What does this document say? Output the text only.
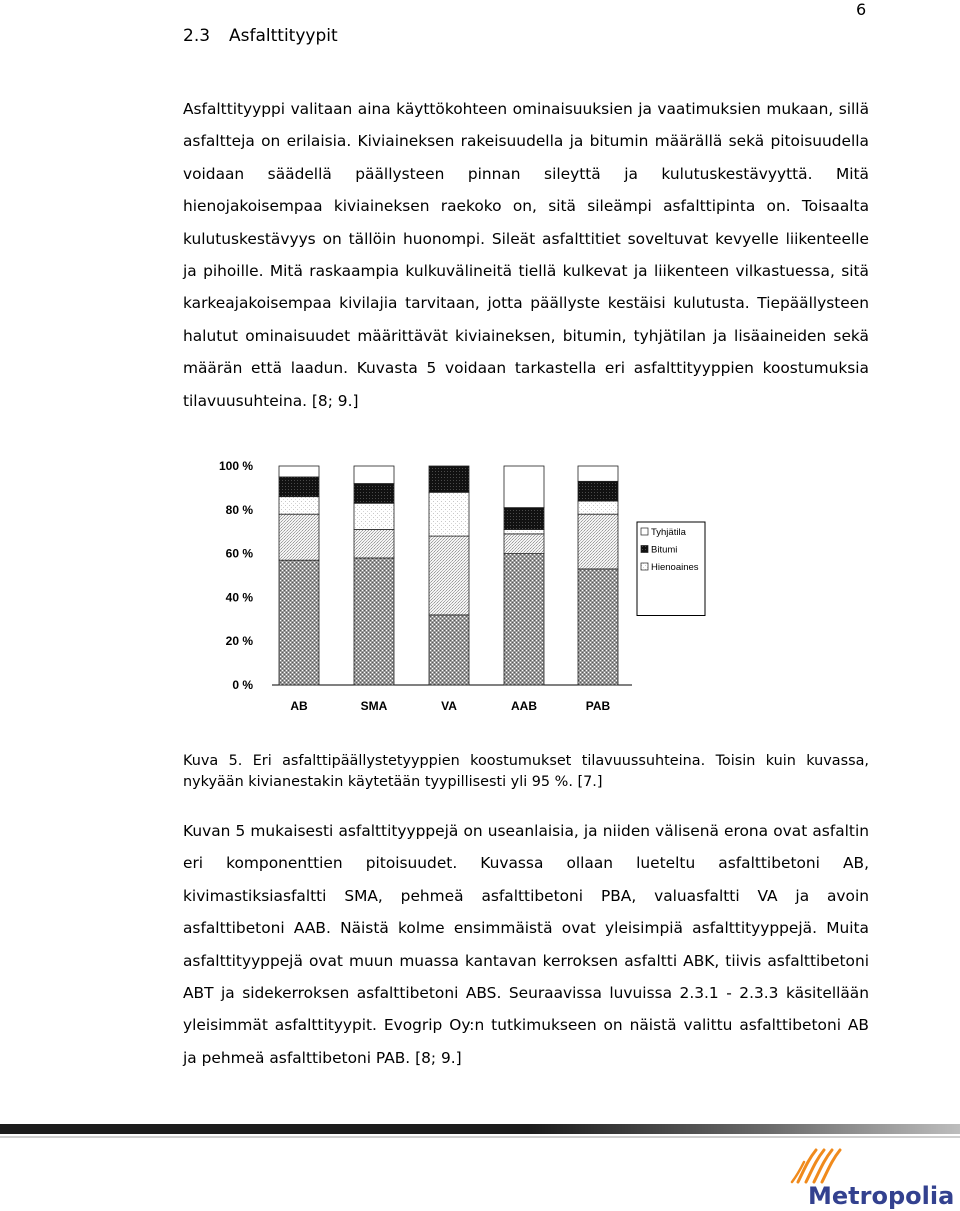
6
2.3 Asfalttityypit

Asfalttityyppi valitaan aina käyttökohteen ominaisuuksien ja vaatimuksien mukaan, sillä asfaltteja on erilaisia. Kiviaineksen rakeisuudella ja bitumin määrällä sekä pitoisuudella voidaan säädellä päällysteen pinnan sileyttä ja kulutuskestävyyttä. Mitä hienojakoisempaa kiviaineksen raekoko on, sitä sileämpi asfalttipinta on. Toisaalta kulutuskestävyys on tällöin huonompi. Sileät asfalttitiet soveltuvat kevyelle liikenteelle ja pihoille. Mitä raskaampia kulkuvälineitä tiellä kulkevat ja liikenteen vilkastuessa, sitä karkeajakoisempaa kivilajia tarvitaan, jotta päällyste kestäisi kulutusta. Tiepäällysteen halutut ominaisuudet määrittävät kiviaineksen, bitumin, tyhjätilan ja lisäaineiden sekä määrän että laadun. Kuvasta 5 voidaan tarkastella eri asfalttityyppien koostumuksia tilavuusuhteina. [8; 9.]

0 %
20 %
40 %
60 %
80 %
100 %
AB	SMA	VA	AAB	PAB
Tyhjätila
Bitumi
Hienoaines

Kuva 5. Eri asfalttipäällystetyyppien koostumukset tilavuussuhteina. Toisin kuin kuvassa, nykyään kivianestakin käytetään tyypillisesti yli 95 %. [7.]

Kuvan 5 mukaisesti asfalttityyppejä on useanlaisia, ja niiden välisenä erona ovat asfaltin eri komponenttien pitoisuudet. Kuvassa ollaan lueteltu asfalttibetoni AB, kivimastiksiasfaltti SMA, pehmeä asfalttibetoni PBA, valuasfaltti VA ja avoin asfalttibetoni AAB. Näistä kolme ensimmäistä ovat yleisimpiä asfalttityyppejä. Muita asfalttityyppejä ovat muun muassa kantavan kerroksen asfaltti ABK, tiivis asfalttibetoni ABT ja sidekerroksen asfalttibetoni ABS. Seuraavissa luvuissa 2.3.1 - 2.3.3 käsitellään yleisimmät asfalttityypit. Evogrip Oy:n tutkimukseen on näistä valittu asfalttibetoni AB ja pehmeä asfalttibetoni PAB. [8; 9.]

Metropolia
